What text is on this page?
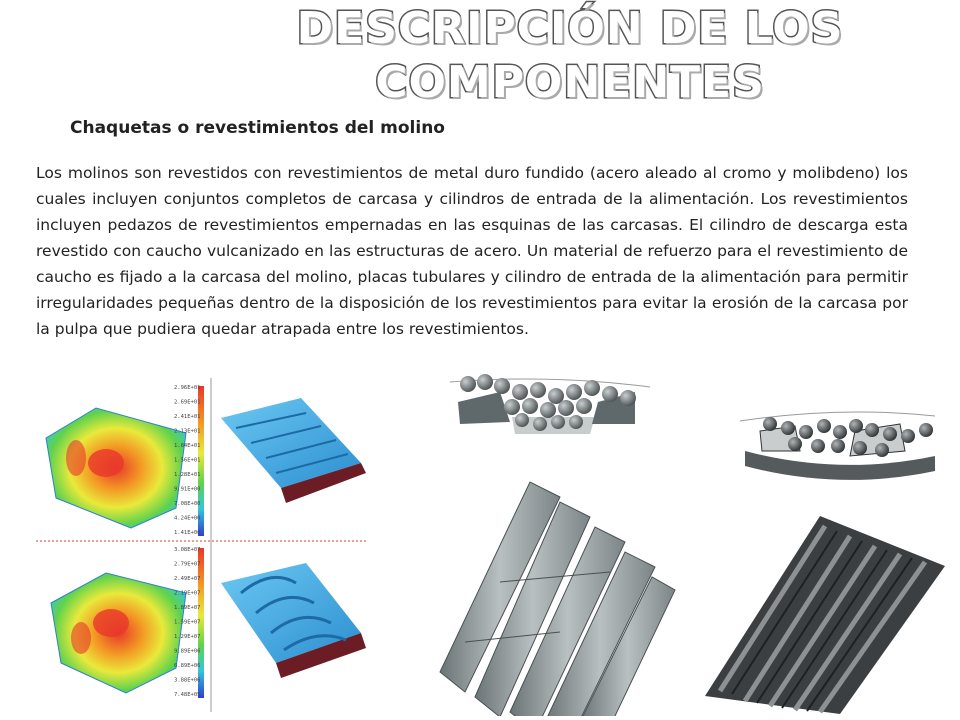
DESCRIPCIÓN DE LOS
COMPONENTES
Chaquetas o revestimientos del molino

Los molinos son revestidos con revestimientos de metal duro fundido (acero aleado al cromo y molibdeno) los cuales incluyen conjuntos completos de carcasa y cilindros de entrada de la alimentación. Los revestimientos incluyen pedazos de revestimientos empernadas en las esquinas de las carcasas. El cilindro de descarga esta revestido con caucho vulcanizado en las estructuras de acero. Un material de refuerzo para el revestimiento de caucho es fijado a la carcasa del molino, placas tubulares y cilindro de entrada de la alimentación para permitir irregularidades pequeñas dentro de la disposición de los revestimientos para evitar la erosión de la carcasa por la pulpa que pudiera quedar atrapada entre los revestimientos.

2.96E+01
2.69E+01
2.41E+01
2.13E+01
1.84E+01
1.56E+01
1.28E+01
9.91E+00
7.08E+00
4.24E+00
1.41E+00
3.08E+07
2.79E+07
2.49E+07
2.19E+07
1.89E+07
1.59E+07
1.29E+07
9.89E+06
6.89E+06
3.88E+06
7.48E+05
